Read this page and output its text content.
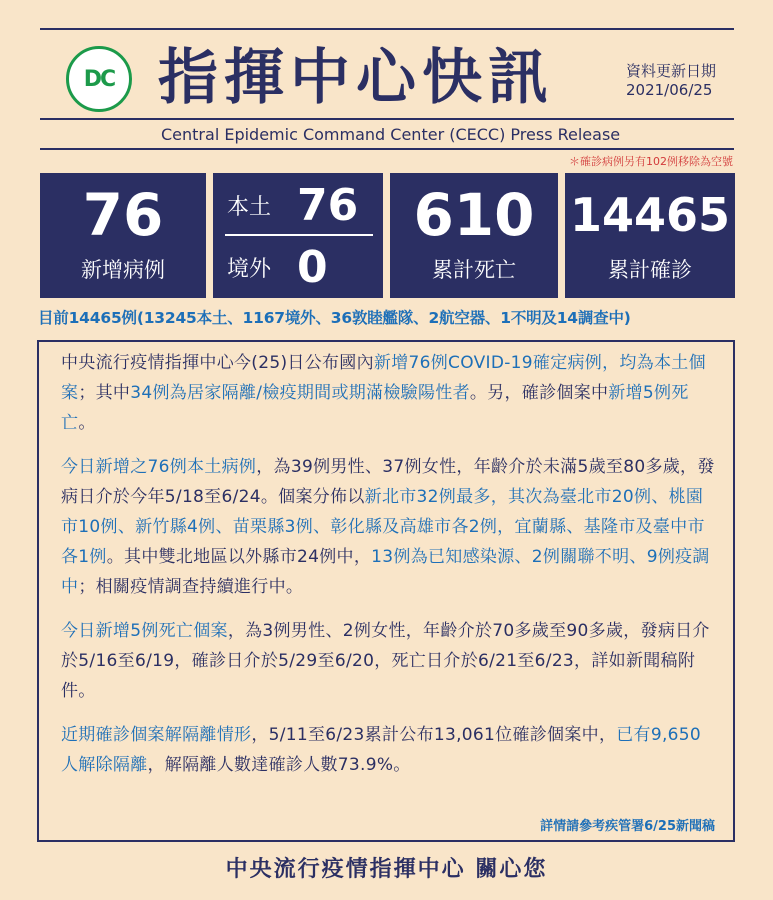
DC 指揮中心快訊	資料更新日期
2021/06/25
Central Epidemic Command Center (CECC) Press Release
＊確診病例另有102例移除為空號
76
新增病例
本土 76
境外 0
610
累計死亡
14465
累計確診
目前14465例(13245本土、1167境外、36敦睦艦隊、2航空器、1不明及14調查中)

中央流行疫情指揮中心今(25)日公布國內新增76例COVID-19確定病例，均為本土個案；其中34例為居家隔離/檢疫期間或期滿檢驗陽性者。另，確診個案中新增5例死亡。

今日新增之76例本土病例，為39例男性、37例女性，年齡介於未滿5歲至80多歲，發病日介於今年5/18至6/24。個案分佈以新北市32例最多，其次為臺北市20例、桃園市10例、新竹縣4例、苗栗縣3例、彰化縣及高雄市各2例，宜蘭縣、基隆市及臺中市各1例。其中雙北地區以外縣市24例中，13例為已知感染源、2例關聯不明、9例疫調中；相關疫情調查持續進行中。

今日新增5例死亡個案，為3例男性、2例女性，年齡介於70多歲至90多歲，發病日介於5/16至6/19，確診日介於5/29至6/20，死亡日介於6/21至6/23，詳如新聞稿附件。

近期確診個案解隔離情形，5/11至6/23累計公布13,061位確診個案中，已有9,650人解除隔離，解隔離人數達確診人數73.9%。

詳情請參考疾管署6/25新聞稿
中央流行疫情指揮中心 關心您
